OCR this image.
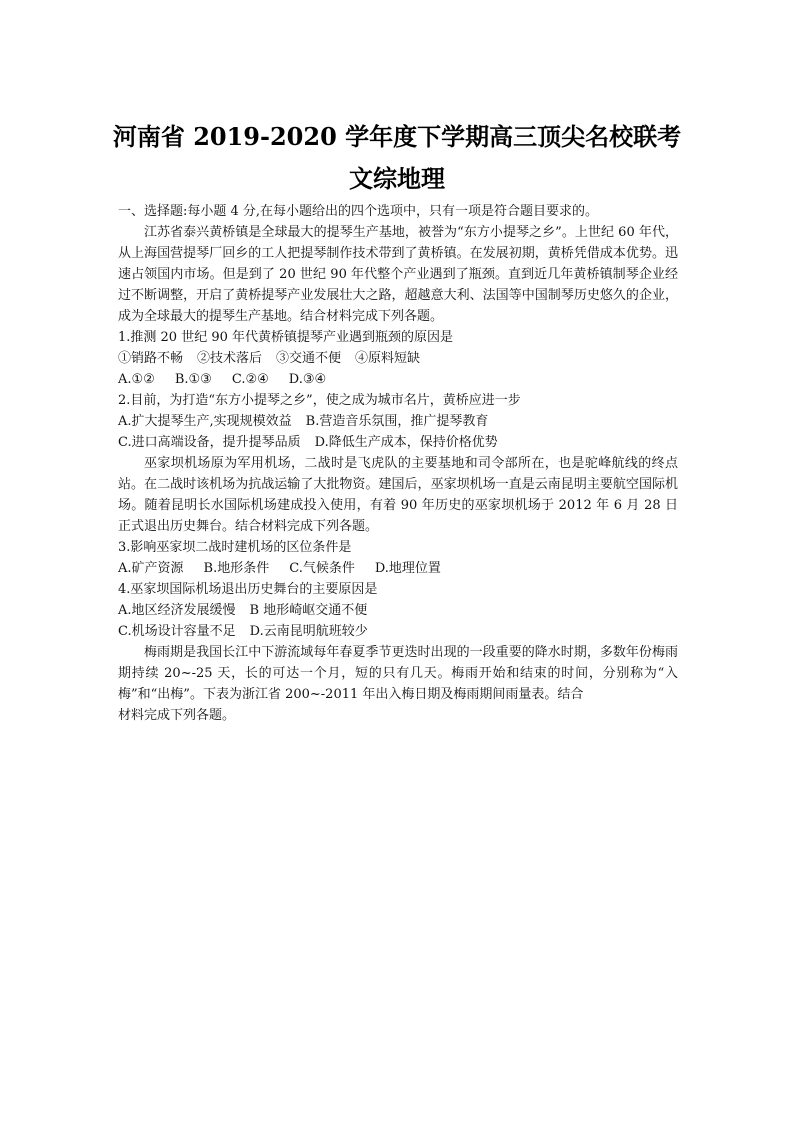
河南省 2019-2020 学年度下学期高三顶尖名校联考
文综地理

一、选择题:每小题 4 分,在每小题给出的四个选项中，只有一项是符合题目要求的。

江苏省泰兴黄桥镇是全球最大的提琴生产基地，被誉为“东方小提琴之乡”。上世纪 60 年代，从上海国营提琴厂回乡的工人把提琴制作技术带到了黄桥镇。在发展初期，黄桥凭借成本优势。迅速占领国内市场。但是到了 20 世纪 90 年代整个产业遇到了瓶颈。直到近几年黄桥镇制琴企业经过不断调整，开启了黄桥提琴产业发展壮大之路，超越意大利、法国等中国制琴历史悠久的企业，成为全球最大的提琴生产基地。结合材料完成下列各题。

1.推测 20 世纪 90 年代黄桥镇提琴产业遇到瓶颈的原因是

①销路不畅 ②技术落后 ③交通不便 ④原料短缺

A.①② B.①③ C.②④ D.③④

2.目前，为打造“东方小提琴之乡”，使之成为城市名片，黄桥应进一步

A.扩大提琴生产,实现规模效益 B.营造音乐氛围，推广提琴教育

C.进口高端设备，提升提琴品质 D.降低生产成本，保持价格优势

巫家坝机场原为军用机场，二战时是飞虎队的主要基地和司令部所在，也是驼峰航线的终点站。在二战时该机场为抗战运输了大批物资。建国后，巫家坝机场一直是云南昆明主要航空国际机场。随着昆明长水国际机场建成投入使用，有着 90 年历史的巫家坝机场于 2012 年 6 月 28 日正式退出历史舞台。结合材料完成下列各题。

3.影响巫家坝二战时建机场的区位条件是

A.矿产资源 B.地形条件 C.气候条件 D.地理位置

4.巫家坝国际机场退出历史舞台的主要原因是

A.地区经济发展缓慢 B 地形崎岖交通不便

C.机场设计容量不足 D.云南昆明航班较少

梅雨期是我国长江中下游流域每年春夏季节更迭时出现的一段重要的降水时期，多数年份梅雨期持续 20~-25 天，长的可达一个月，短的只有几天。梅雨开始和结束的时间，分别称为“入梅”和“出梅”。下表为浙江省 200~-2011 年出入梅日期及梅雨期间雨量表。结合

材料完成下列各题。
